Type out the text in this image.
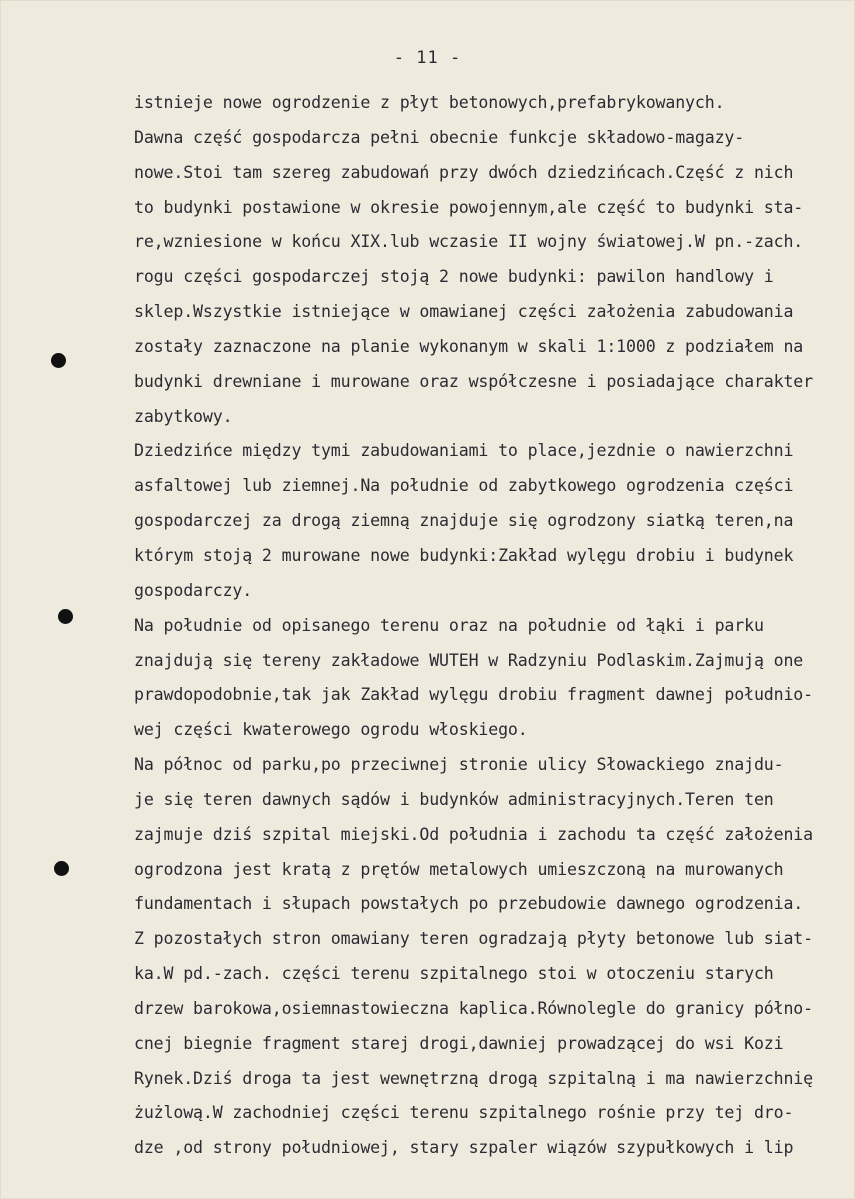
- 11 -
istnieje nowe ogrodzenie z płyt betonowych,prefabrykowanych.
Dawna część gospodarcza pełni obecnie funkcje składowo-magazy-
nowe.Stoi tam szereg zabudowań przy dwóch dziedzińcach.Część z nich
to budynki postawione w okresie powojennym,ale część to budynki sta-
re,wzniesione w końcu XIX.lub wczasie II wojny światowej.W pn.-zach.
rogu części gospodarczej stoją 2 nowe budynki: pawilon handlowy i
sklep.Wszystkie istniejące w omawianej części założenia zabudowania
zostały zaznaczone na planie wykonanym w skali 1:1000 z podziałem na
budynki drewniane i murowane oraz współczesne i posiadające charakter
zabytkowy.
Dziedzińce między tymi zabudowaniami to place,jezdnie o nawierzchni
asfaltowej lub ziemnej.Na południe od zabytkowego ogrodzenia części
gospodarczej za drogą ziemną znajduje się ogrodzony siatką teren,na
którym stoją 2 murowane nowe budynki:Zakład wylęgu drobiu i budynek
gospodarczy.
Na południe od opisanego terenu oraz na południe od łąki i parku
znajdują się tereny zakładowe WUTEH w Radzyniu Podlaskim.Zajmują one
prawdopodobnie,tak jak Zakład wylęgu drobiu fragment dawnej południo-
wej części kwaterowego ogrodu włoskiego.
Na północ od parku,po przeciwnej stronie ulicy Słowackiego znajdu-
je się teren dawnych sądów i budynków administracyjnych.Teren ten
zajmuje dziś szpital miejski.Od południa i zachodu ta część założenia
ogrodzona jest kratą z prętów metalowych umieszczoną na murowanych
fundamentach i słupach powstałych po przebudowie dawnego ogrodzenia.
Z pozostałych stron omawiany teren ogradzają płyty betonowe lub siat-
ka.W pd.-zach. części terenu szpitalnego stoi w otoczeniu starych
drzew barokowa,osiemnastowieczna kaplica.Równolegle do granicy półno-
cnej biegnie fragment starej drogi,dawniej prowadzącej do wsi Kozi
Rynek.Dziś droga ta jest wewnętrzną drogą szpitalną i ma nawierzchnię
żużlową.W zachodniej części terenu szpitalnego rośnie przy tej dro-
dze ,od strony południowej, stary szpaler wiązów szypułkowych i lip
